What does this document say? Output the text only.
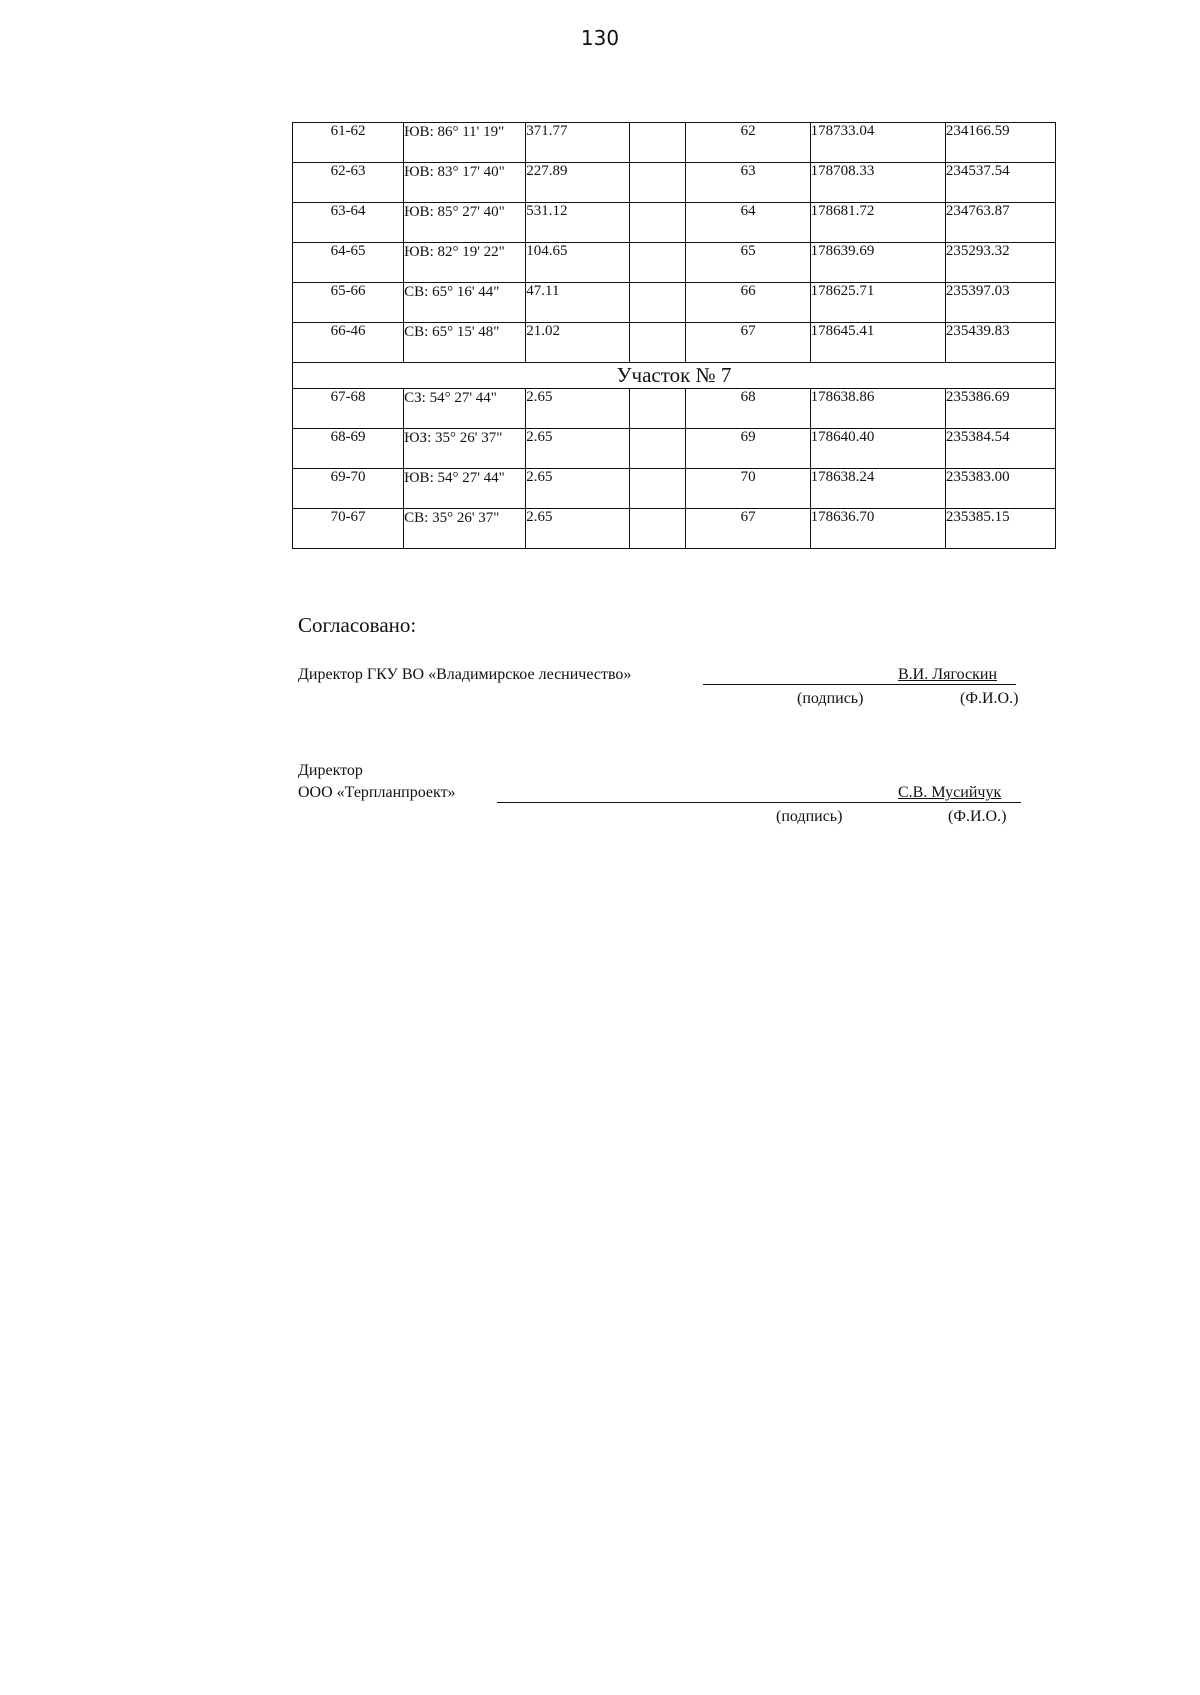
130
61-62	ЮВ: 86° 11' 19"	371.77		62	178733.04	234166.59
62-63	ЮВ: 83° 17' 40"	227.89		63	178708.33	234537.54
63-64	ЮВ: 85° 27' 40"	531.12		64	178681.72	234763.87
64-65	ЮВ: 82° 19' 22"	104.65		65	178639.69	235293.32
65-66	СВ: 65° 16' 44"	47.11		66	178625.71	235397.03
66-46	СВ: 65° 15' 48"	21.02		67	178645.41	235439.83
Участок № 7						
67-68	СЗ: 54° 27' 44"	2.65		68	178638.86	235386.69
68-69	ЮЗ: 35° 26' 37"	2.65		69	178640.40	235384.54
69-70	ЮВ: 54° 27' 44"	2.65		70	178638.24	235383.00
70-67	СВ: 35° 26' 37"	2.65		67	178636.70	235385.15
Согласовано:
Директор ГКУ ВО «Владимирское лесничество»	В.И. Лягоскин
(подпись)	(Ф.И.О.)
Директор
ООО «Терпланпроект»	С.В. Мусийчук
(подпись)	(Ф.И.О.)
